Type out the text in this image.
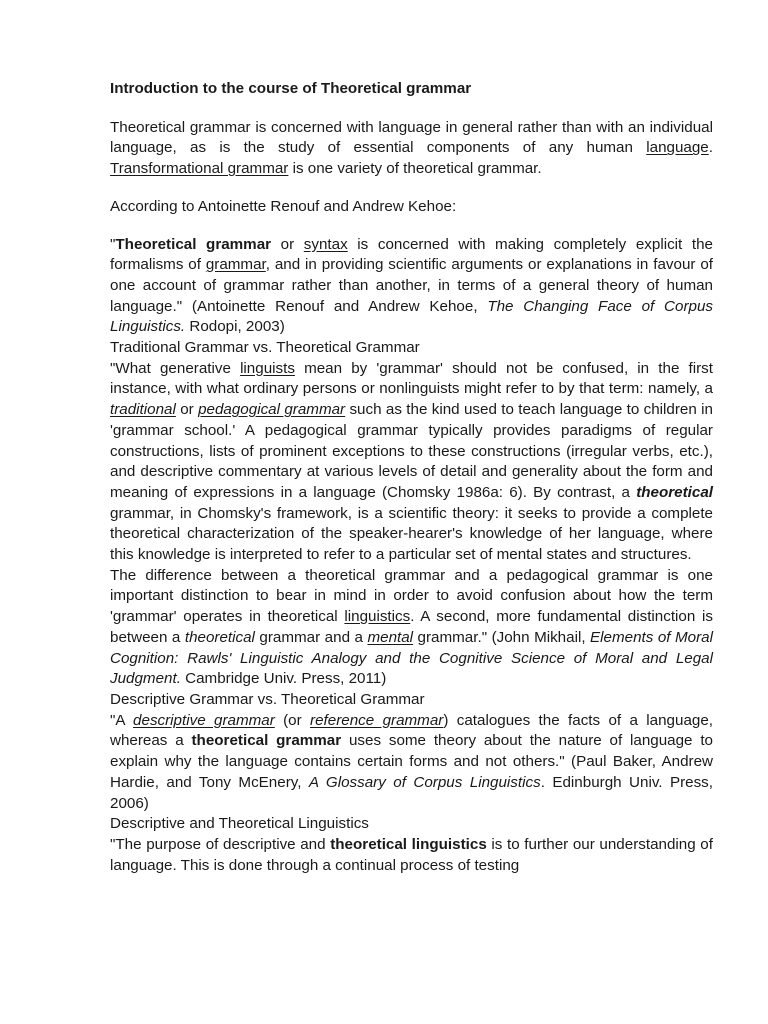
Introduction to the course of Theoretical grammar

Theoretical grammar is concerned with language in general rather than with an individual language, as is the study of essential components of any human language. Transformational grammar is one variety of theoretical grammar.

According to Antoinette Renouf and Andrew Kehoe:

"Theoretical grammar or syntax is concerned with making completely explicit the formalisms of grammar, and in providing scientific arguments or explanations in favour of one account of grammar rather than another, in terms of a general theory of human language." (Antoinette Renouf and Andrew Kehoe, The Changing Face of Corpus Linguistics. Rodopi, 2003)

Traditional Grammar vs. Theoretical Grammar

"What generative linguists mean by 'grammar' should not be confused, in the first instance, with what ordinary persons or nonlinguists might refer to by that term: namely, a traditional or pedagogical grammar such as the kind used to teach language to children in 'grammar school.' A pedagogical grammar typically provides paradigms of regular constructions, lists of prominent exceptions to these constructions (irregular verbs, etc.), and descriptive commentary at various levels of detail and generality about the form and meaning of expressions in a language (Chomsky 1986a: 6). By contrast, a theoretical grammar, in Chomsky's framework, is a scientific theory: it seeks to provide a complete theoretical characterization of the speaker-hearer's knowledge of her language, where this knowledge is interpreted to refer to a particular set of mental states and structures.

The difference between a theoretical grammar and a pedagogical grammar is one important distinction to bear in mind in order to avoid confusion about how the term 'grammar' operates in theoretical linguistics. A second, more fundamental distinction is between a theoretical grammar and a mental grammar." (John Mikhail, Elements of Moral Cognition: Rawls' Linguistic Analogy and the Cognitive Science of Moral and Legal Judgment. Cambridge Univ. Press, 2011)

Descriptive Grammar vs. Theoretical Grammar

"A descriptive grammar (or reference grammar) catalogues the facts of a language, whereas a theoretical grammar uses some theory about the nature of language to explain why the language contains certain forms and not others." (Paul Baker, Andrew Hardie, and Tony McEnery, A Glossary of Corpus Linguistics. Edinburgh Univ. Press, 2006)

Descriptive and Theoretical Linguistics

"The purpose of descriptive and theoretical linguistics is to further our understanding of language. This is done through a continual process of testing
